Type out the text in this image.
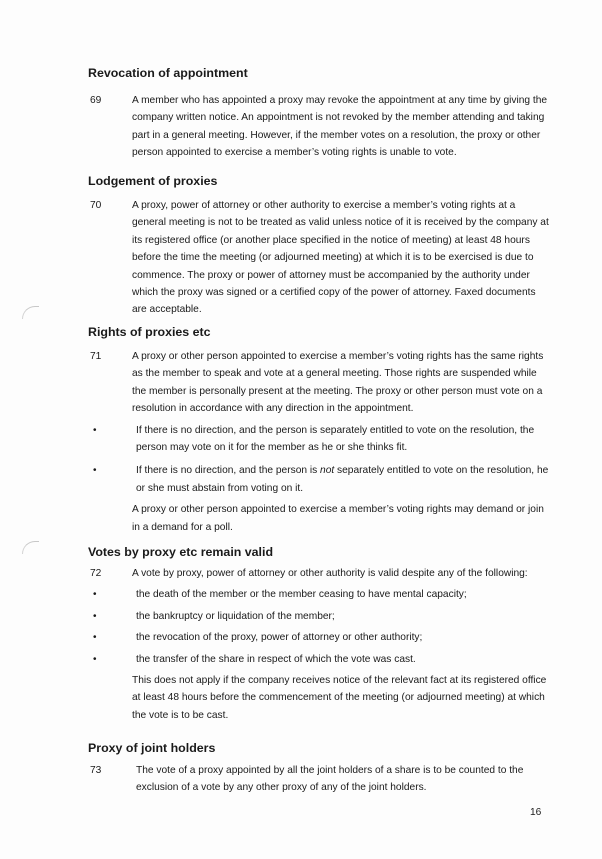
Revocation of appointment
69	A member who has appointed a proxy may revoke the appointment at any time by giving the company written notice. An appointment is not revoked by the member attending and taking part in a general meeting. However, if the member votes on a resolution, the proxy or other person appointed to exercise a member’s voting rights is unable to vote.

Lodgement of proxies
70	A proxy, power of attorney or other authority to exercise a member’s voting rights at a general meeting is not to be treated as valid unless notice of it is received by the company at its registered office (or another place specified in the notice of meeting) at least 48 hours before the time the meeting (or adjourned meeting) at which it is to be exercised is due to commence. The proxy or power of attorney must be accompanied by the authority under which the proxy was signed or a certified copy of the power of attorney. Faxed documents are acceptable.

Rights of proxies etc
71	A proxy or other person appointed to exercise a member’s voting rights has the same rights as the member to speak and vote at a general meeting. Those rights are suspended while the member is personally present at the meeting. The proxy or other person must vote on a resolution in accordance with any direction in the appointment.

•	If there is no direction, and the person is separately entitled to vote on the resolution, the person may vote on it for the member as he or she thinks fit.
•	If there is no direction, and the person is not separately entitled to vote on the resolution, he or she must abstain from voting on it.

A proxy or other person appointed to exercise a member’s voting rights may demand or join in a demand for a poll.

Votes by proxy etc remain valid
72	A vote by proxy, power of attorney or other authority is valid despite any of the following:

•	the death of the member or the member ceasing to have mental capacity;
•	the bankruptcy or liquidation of the member;
•	the revocation of the proxy, power of attorney or other authority;
•	the transfer of the share in respect of which the vote was cast.

This does not apply if the company receives notice of the relevant fact at its registered office at least 48 hours before the commencement of the meeting (or adjourned meeting) at which the vote is to be cast.

Proxy of joint holders
73	The vote of a proxy appointed by all the joint holders of a share is to be counted to the exclusion of a vote by any other proxy of any of the joint holders.

16
